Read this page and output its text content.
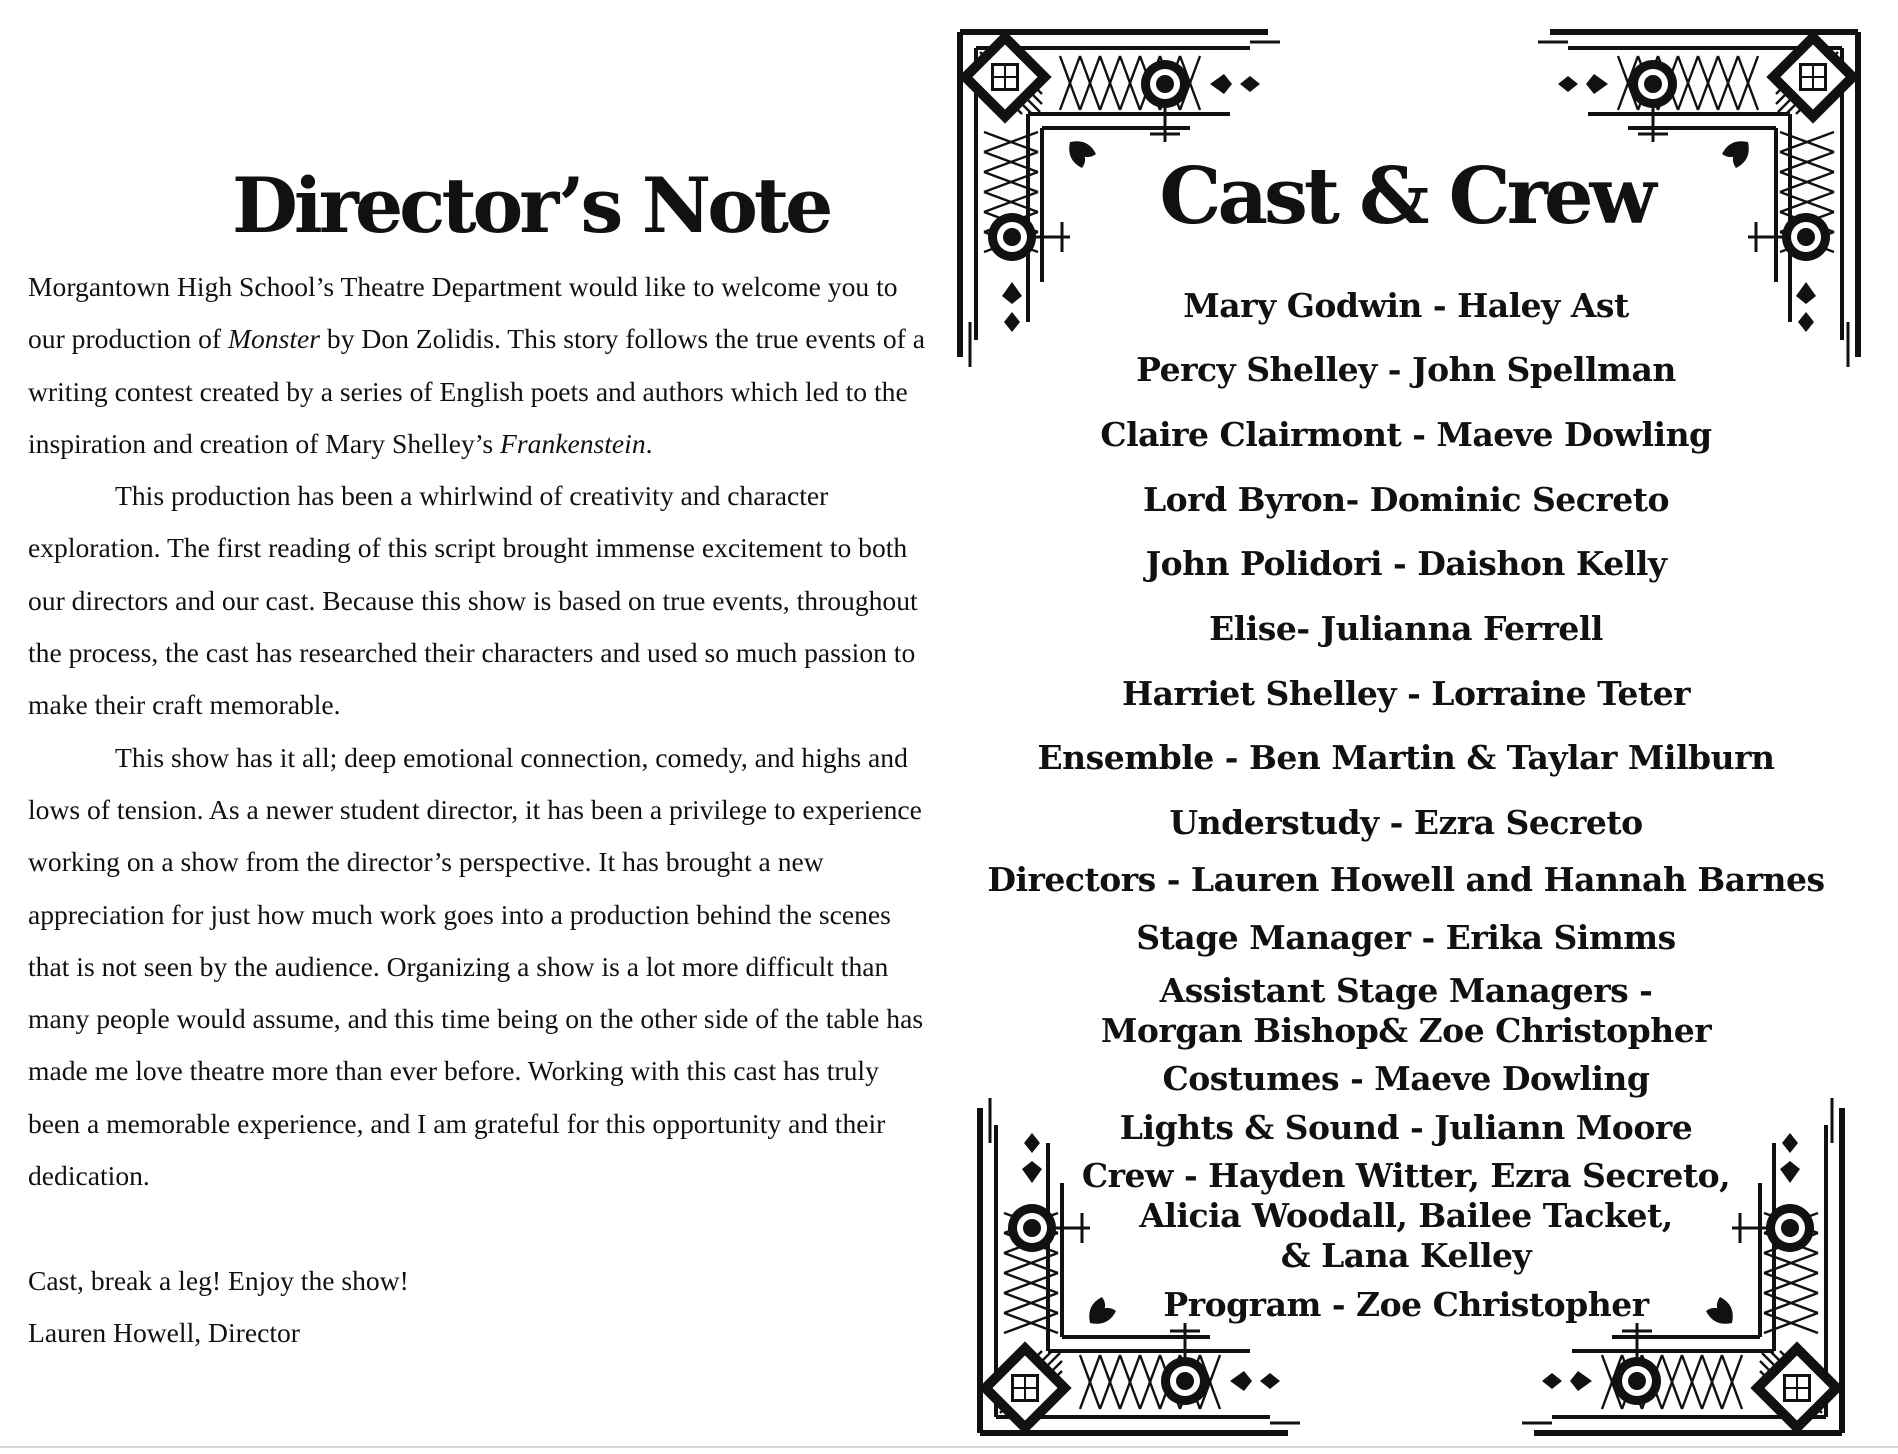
Director’s Note

Morgantown High School’s Theatre Department would like to welcome you to our production of Monster by Don Zolidis. This story follows the true events of a writing contest created by a series of English poets and authors which led to the inspiration and creation of Mary Shelley’s Frankenstein.

This production has been a whirlwind of creativity and character exploration. The first reading of this script brought immense excitement to both our directors and our cast. Because this show is based on true events, throughout the process, the cast has researched their characters and used so much passion to make their craft memorable.

This show has it all; deep emotional connection, comedy, and highs and lows of tension. As a newer student director, it has been a privilege to experience working on a show from the director’s perspective. It has brought a new appreciation for just how much work goes into a production behind the scenes that is not seen by the audience. Organizing a show is a lot more difficult than many people would assume, and this time being on the other side of the table has made me love theatre more than ever before. Working with this cast has truly been a memorable experience, and I am grateful for this opportunity and their dedication.

Cast, break a leg! Enjoy the show!

Lauren Howell, Director

Cast & Crew

Mary Godwin - Haley Ast

Percy Shelley - John Spellman

Claire Clairmont - Maeve Dowling

Lord Byron- Dominic Secreto

John Polidori - Daishon Kelly

Elise- Julianna Ferrell

Harriet Shelley - Lorraine Teter

Ensemble - Ben Martin & Taylar Milburn

Understudy - Ezra Secreto

Directors - Lauren Howell and Hannah Barnes

Stage Manager - Erika Simms

Assistant Stage Managers -

Morgan Bishop& Zoe Christopher

Costumes - Maeve Dowling

Lights & Sound - Juliann Moore

Crew - Hayden Witter, Ezra Secreto,

Alicia Woodall, Bailee Tacket,

& Lana Kelley

Program - Zoe Christopher
